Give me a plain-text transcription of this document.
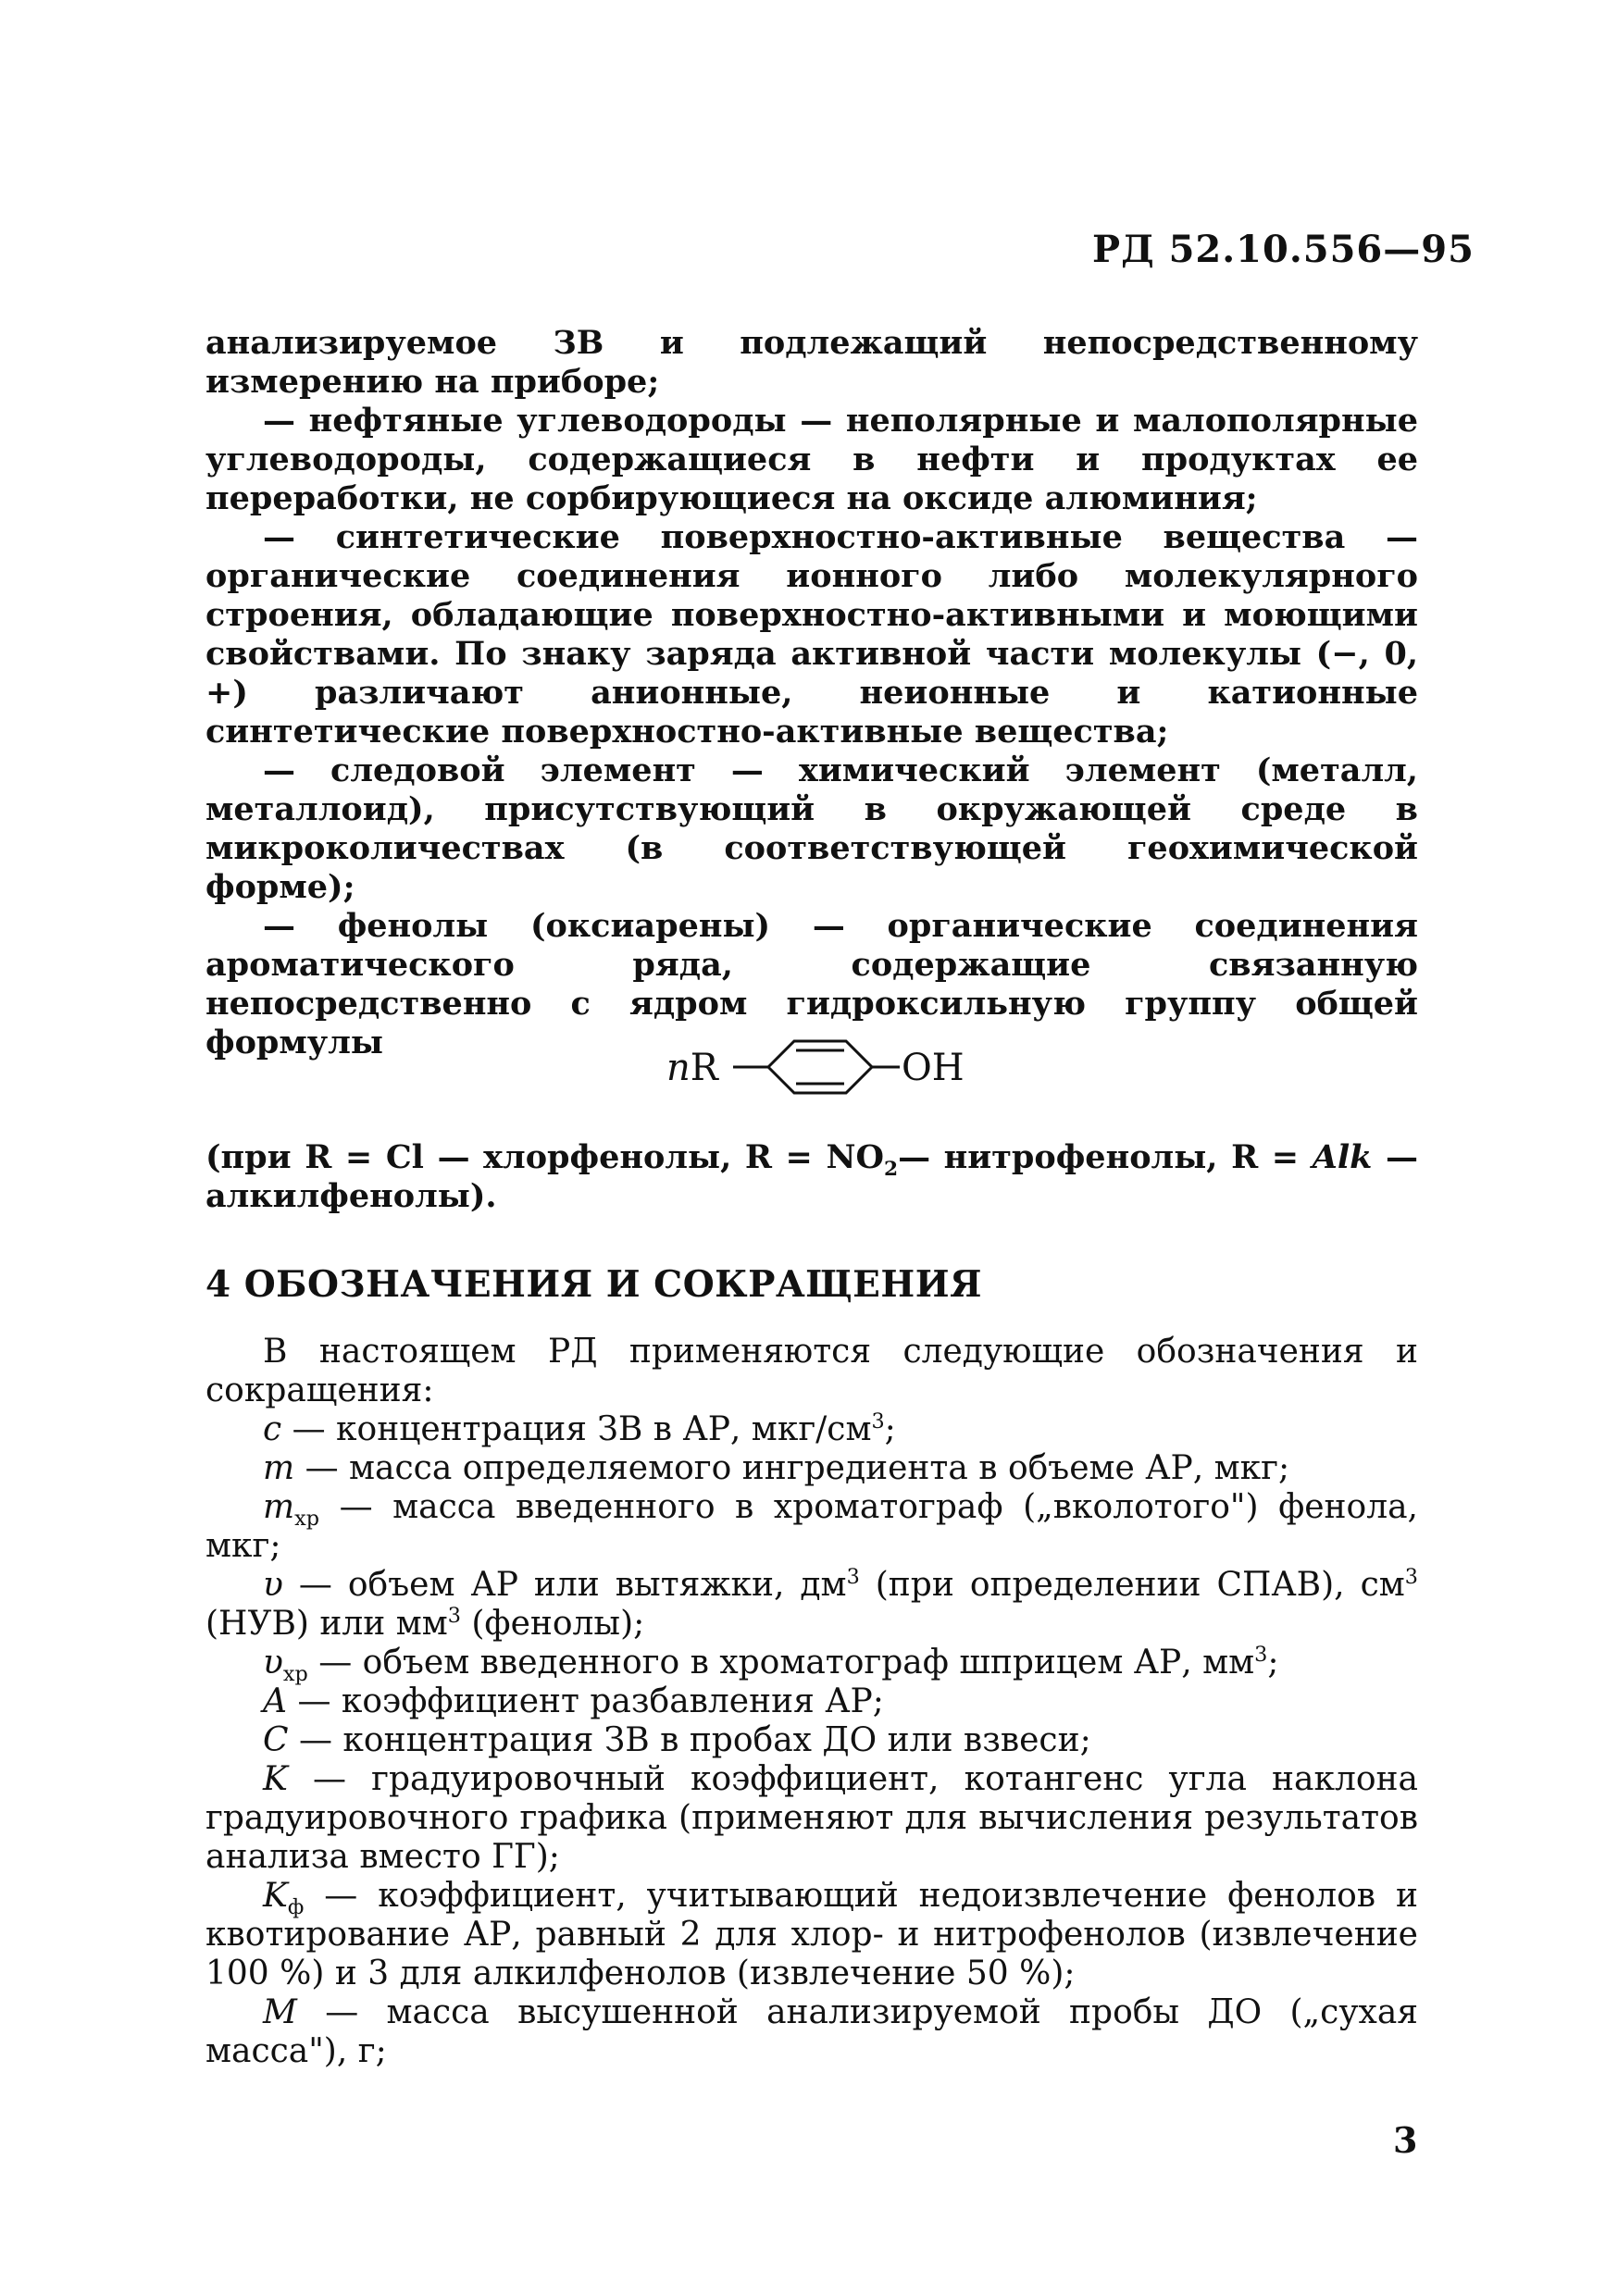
РД 52.10.556—95

анализируемое ЗВ и подлежащий непосредственному измерению на приборе;

— нефтяные углеводороды — неполярные и малополярные углеводороды, содержащиеся в нефти и продуктах ее переработки, не сорбирующиеся на оксиде алюминия;

— синтетические поверхностно-активные вещества — органические соединения ионного либо молекулярного строения, обладающие поверхностно-активными и моющими свойствами. По знаку заряда активной части молекулы (−, 0, +) различают анионные, неионные и катионные синтетические поверхностно-активные вещества;

— следовой элемент — химический элемент (металл, металлоид), присутствующий в окружающей среде в микроколичествах (в соответствующей геохимической форме);

— фенолы (оксиарены) — органические соединения ароматического ряда, содержащие связанную непосредственно с ядром гидроксильную группу общей формулы

nR	OH
(при R = Cl — хлорфенолы, $R = NO_2—$ нитрофенолы, R = Alk — алкилфенолы).
4 ОБОЗНАЧЕНИЯ И СОКРАЩЕНИЯ

В настоящем РД применяются следующие обозначения и сокращения:

c — концентрация ЗВ в АР, мкг/$см^3$;

m — масса определяемого ингредиента в объеме АР, мкг;

$m_{хр}$ — масса введенного в хроматограф („вколотого") фенола, мкг;

υ — объем АР или вытяжки, $дм^3$ (при определении СПАВ), $см^3$ (НУВ) или $мм^3$ (фенолы);

$\upsilon_{хр}$ — объем введенного в хроматограф шприцем АР, $мм^3$;

A — коэффициент разбавления АР;

C — концентрация ЗВ в пробах ДО или взвеси;

K — градуировочный коэффициент, котангенс угла наклона градуировочного графика (применяют для вычисления результатов анализа вместо ГГ);

$K_ф$ — коэффициент, учитывающий недоизвлечение фенолов и квотирование АР, равный 2 для хлор- и нитрофенолов (извлечение 100 %) и 3 для алкилфенолов (извлечение 50 %);

M — масса высушенной анализируемой пробы ДО („сухая масса"), г;

3
